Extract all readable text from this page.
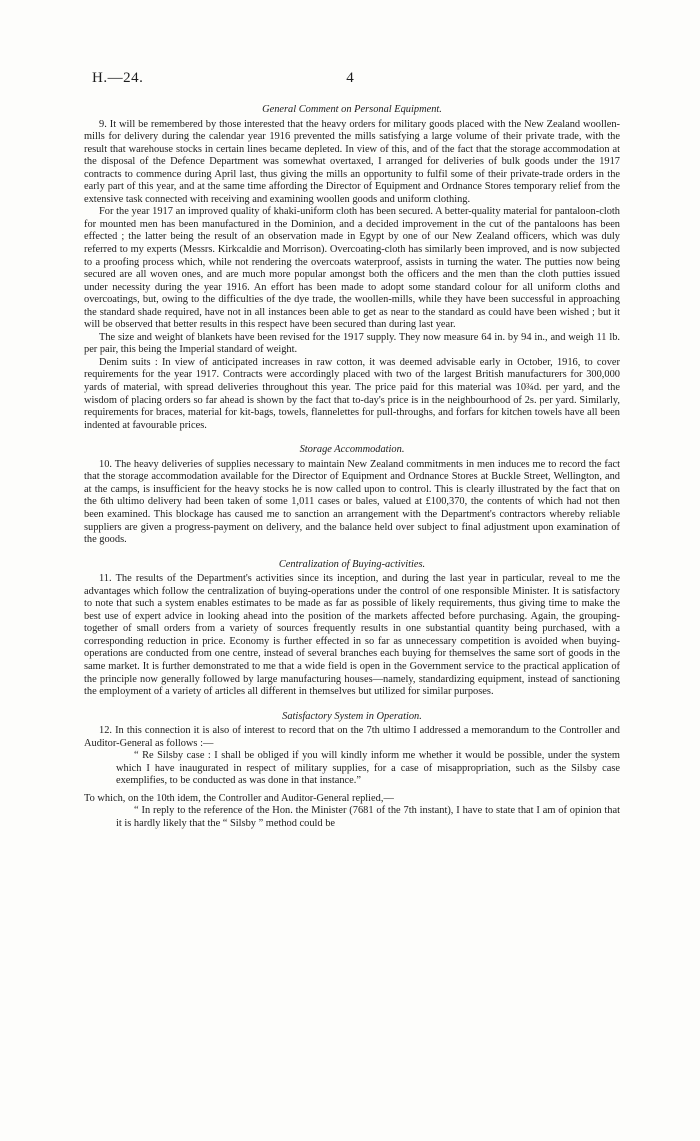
H.—24.	4

General Comment on Personal Equipment.

9. It will be remembered by those interested that the heavy orders for military goods placed with the New Zealand woollen-mills for delivery during the calendar year 1916 prevented the mills satisfying a large volume of their private trade, with the result that warehouse stocks in certain lines became depleted. In view of this, and of the fact that the storage accommodation at the disposal of the Defence Department was somewhat overtaxed, I arranged for deliveries of bulk goods under the 1917 contracts to commence during April last, thus giving the mills an opportunity to fulfil some of their private-trade orders in the early part of this year, and at the same time affording the Director of Equipment and Ordnance Stores temporary relief from the extensive task connected with receiving and examining woollen goods and uniform clothing.

For the year 1917 an improved quality of khaki-uniform cloth has been secured. A better-quality material for pantaloon-cloth for mounted men has been manufactured in the Dominion, and a decided improvement in the cut of the pantaloons has been effected ; the latter being the result of an observation made in Egypt by one of our New Zealand officers, which was duly referred to my experts (Messrs. Kirkcaldie and Morrison). Overcoating-cloth has similarly been improved, and is now subjected to a proofing process which, while not rendering the overcoats waterproof, assists in turning the water. The putties now being secured are all woven ones, and are much more popular amongst both the officers and the men than the cloth putties issued under necessity during the year 1916. An effort has been made to adopt some standard colour for all uniform cloths and overcoatings, but, owing to the difficulties of the dye trade, the woollen-mills, while they have been successful in approaching the standard shade required, have not in all instances been able to get as near to the standard as could have been wished ; but it will be observed that better results in this respect have been secured than during last year.

The size and weight of blankets have been revised for the 1917 supply. They now measure 64 in. by 94 in., and weigh 11 lb. per pair, this being the Imperial standard of weight.

Denim suits : In view of anticipated increases in raw cotton, it was deemed advisable early in October, 1916, to cover requirements for the year 1917. Contracts were accordingly placed with two of the largest British manufacturers for 300,000 yards of material, with spread deliveries throughout this year. The price paid for this material was 10¾d. per yard, and the wisdom of placing orders so far ahead is shown by the fact that to-day's price is in the neighbourhood of 2s. per yard. Similarly, requirements for braces, material for kit-bags, towels, flannelettes for pull-throughs, and forfars for kitchen towels have all been indented at favourable prices.

Storage Accommodation.

10. The heavy deliveries of supplies necessary to maintain New Zealand commitments in men induces me to record the fact that the storage accommodation available for the Director of Equipment and Ordnance Stores at Buckle Street, Wellington, and at the camps, is insufficient for the heavy stocks he is now called upon to control. This is clearly illustrated by the fact that on the 6th ultimo delivery had been taken of some 1,011 cases or bales, valued at £100,370, the contents of which had not then been examined. This blockage has caused me to sanction an arrangement with the Department's contractors whereby reliable suppliers are given a progress-payment on delivery, and the balance held over subject to final adjustment upon examination of the goods.

Centralization of Buying-activities.

11. The results of the Department's activities since its inception, and during the last year in particular, reveal to me the advantages which follow the centralization of buying-operations under the control of one responsible Minister. It is satisfactory to note that such a system enables estimates to be made as far as possible of likely requirements, thus giving time to make the best use of expert advice in looking ahead into the position of the markets affected before purchasing. Again, the grouping-together of small orders from a variety of sources frequently results in one substantial quantity being purchased, with a corresponding reduction in price. Economy is further effected in so far as unnecessary competition is avoided when buying-operations are conducted from one centre, instead of several branches each buying for themselves the same sort of goods in the same market. It is further demonstrated to me that a wide field is open in the Government service to the practical application of the principle now generally followed by large manufacturing houses—namely, standardizing equipment, instead of sanctioning the employment of a variety of articles all different in themselves but utilized for similar purposes.

Satisfactory System in Operation.

12. In this connection it is also of interest to record that on the 7th ultimo I addressed a memorandum to the Controller and Auditor-General as follows :—

“ Re Silsby case : I shall be obliged if you will kindly inform me whether it would be possible, under the system which I have inaugurated in respect of military supplies, for a case of misappropriation, such as the Silsby case exemplifies, to be conducted as was done in that instance.”

To which, on the 10th idem, the Controller and Auditor-General replied,—

“ In reply to the reference of the Hon. the Minister (7681 of the 7th instant), I have to state that I am of opinion that it is hardly likely that the “ Silsby ” method could be
